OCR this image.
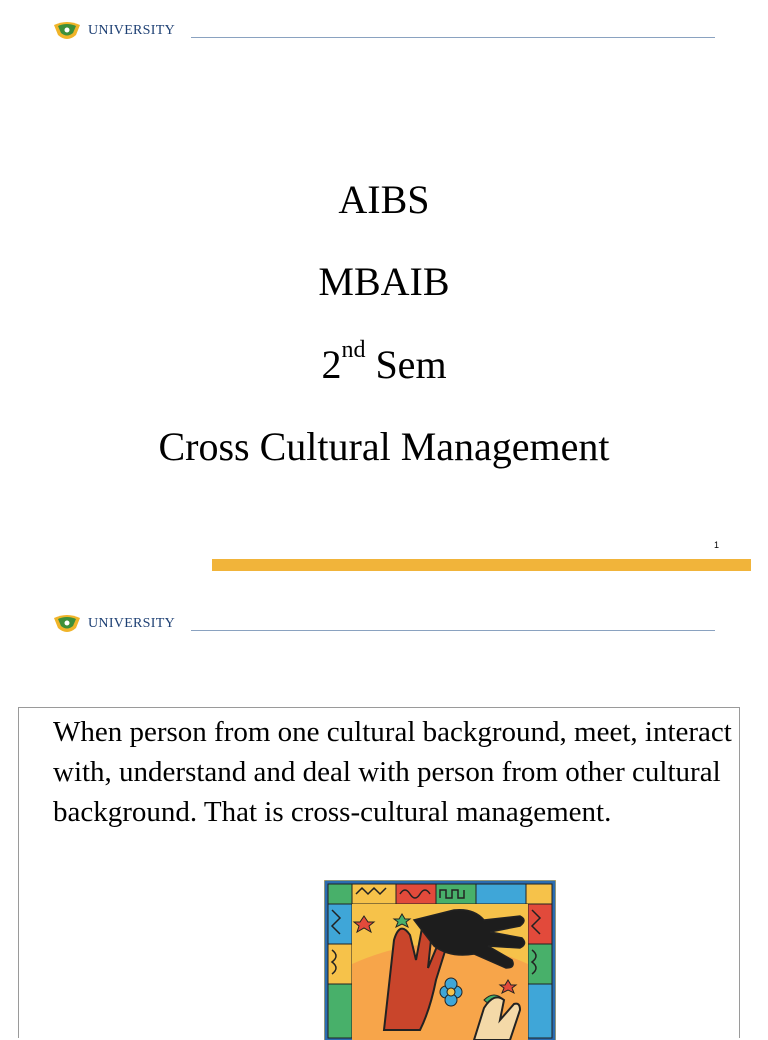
UNIVERSITY
AIBS
MBAIB
2nd Sem
Cross Cultural Management
1
UNIVERSITY
When person from one cultural background, meet, interact with, understand and deal with person from other cultural background. That is cross-cultural management.
